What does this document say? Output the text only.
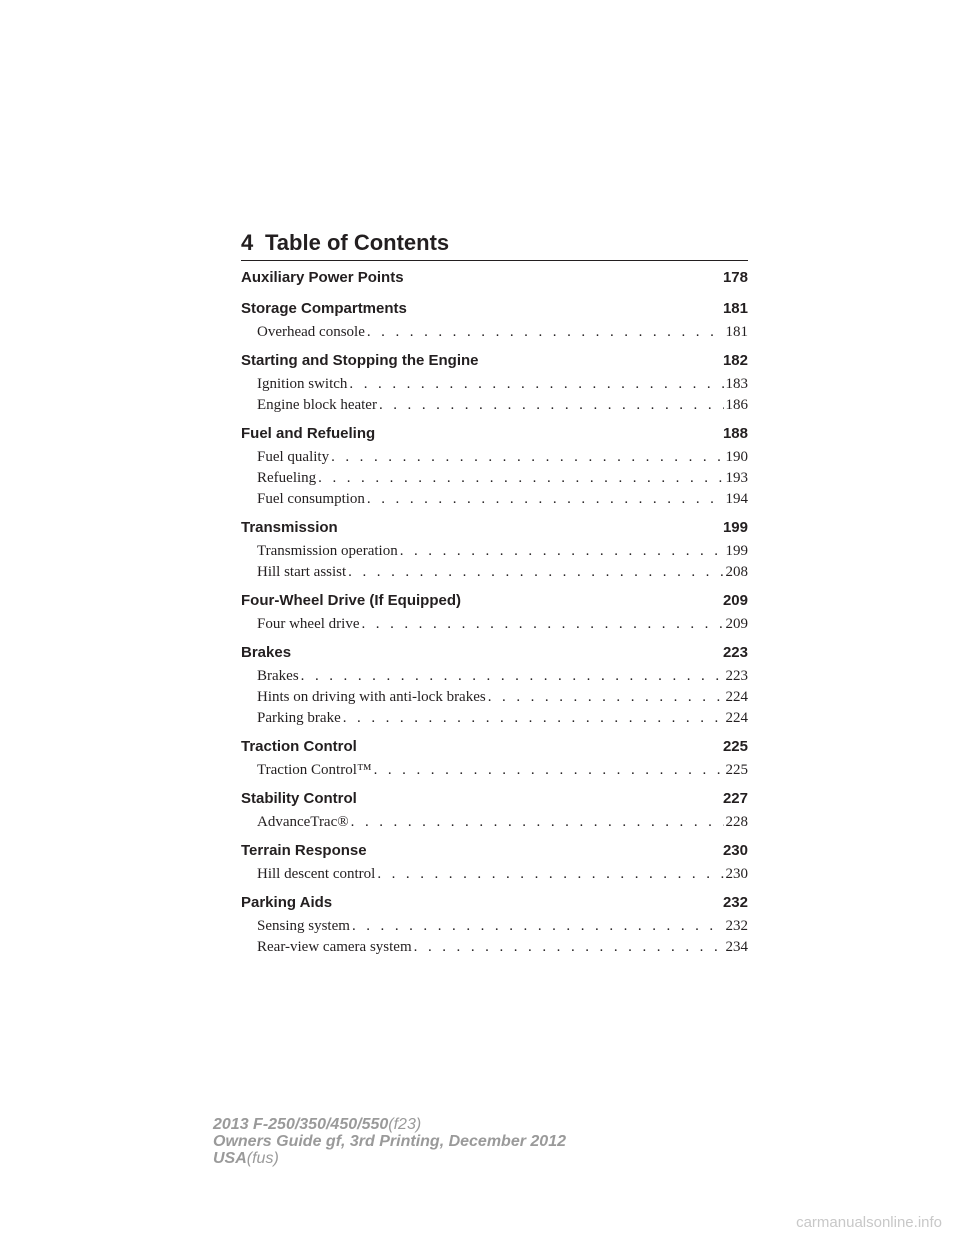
4 Table of Contents
Auxiliary Power Points	178
Storage Compartments	181
Overhead console . . .	181
Starting and Stopping the Engine	182
Ignition switch . . .	183
Engine block heater . . .	186
Fuel and Refueling	188
Fuel quality . . .	190
Refueling . . .	193
Fuel consumption . . .	194
Transmission	199
Transmission operation . . .	199
Hill start assist . . .	208
Four-Wheel Drive (If Equipped)	209
Four wheel drive . . .	209
Brakes	223
Brakes . . .	223
Hints on driving with anti-lock brakes . . .	224
Parking brake . . .	224
Traction Control	225
Traction Control™ . . .	225
Stability Control	227
AdvanceTrac® . . .	228
Terrain Response	230
Hill descent control . . .	230
Parking Aids	232
Sensing system . . .	232
Rear-view camera system . . .	234
2013 F-250/350/450/550(f23)
Owners Guide gf, 3rd Printing, December 2012
USA(fus)
carmanualsonline.info
